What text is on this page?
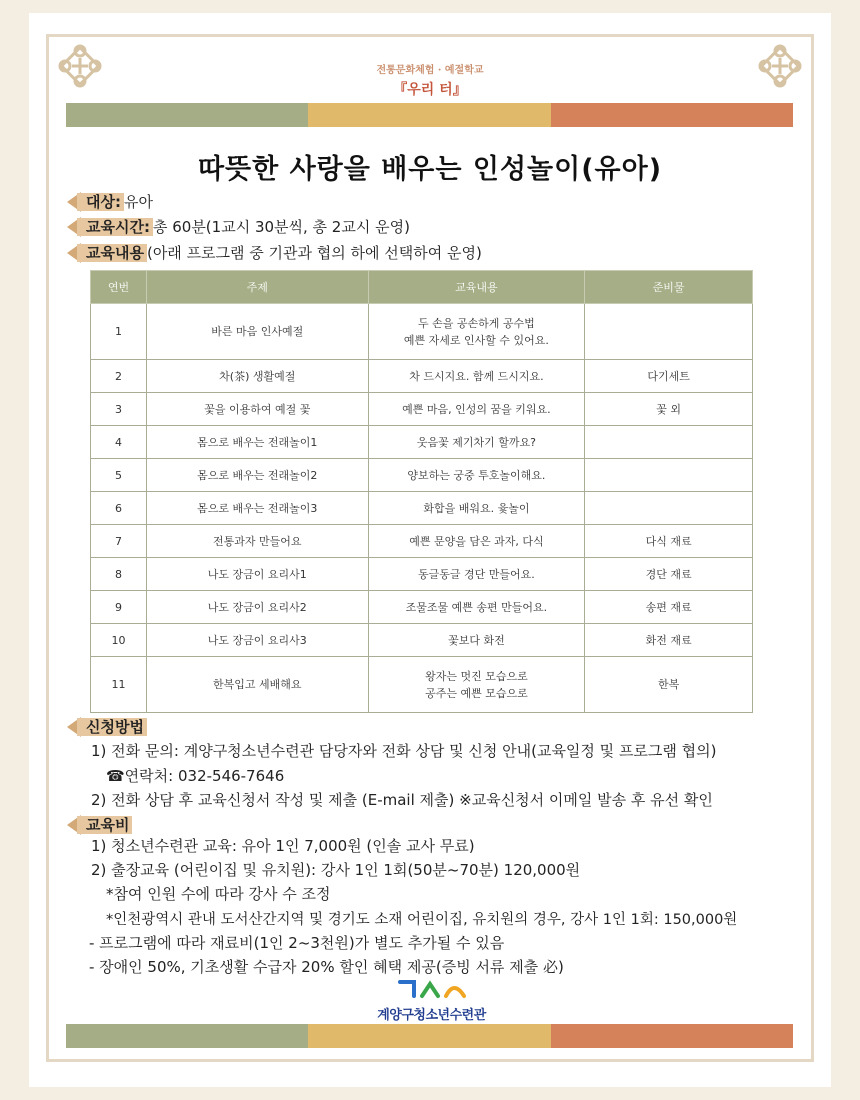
전통문화체험 · 예절학교
『우리 터』
따뜻한 사랑을 배우는 인성놀이(유아)
대상: 유아
교육시간: 총 60분(1교시 30분씩, 총 2교시 운영)
교육내용 (아래 프로그램 중 기관과 협의 하에 선택하여 운영)
연번	주제	교육내용	준비물
1	바른 마음 인사예절	두 손을 공손하게 공수법
예쁜 자세로 인사할 수 있어요.	

2	차(茶) 생활예절	차 드시지요. 함께 드시지요.	다기세트
3	꽃을 이용하여 예절 꽃	예쁜 마음, 인성의 꿈을 키워요.	꽃 외
4	몸으로 배우는 전래놀이1	웃음꽃 제기차기 할까요?	

5	몸으로 배우는 전래놀이2	양보하는 궁중 투호놀이해요.	

6	몸으로 배우는 전래놀이3	화합을 배워요. 윷놀이	

7	전통과자 만들어요	예쁜 문양을 담은 과자, 다식	다식 재료
8	나도 장금이 요리사1	동글동글 경단 만들어요.	경단 재료
9	나도 장금이 요리사2	조물조물 예쁜 송편 만들어요.	송편 재료
10	나도 장금이 요리사3	꽃보다 화전	화전 재료
11	한복입고 세배해요	왕자는 멋진 모습으로
공주는 예쁜 모습으로	한복
신청방법
1) 전화 문의: 계양구청소년수련관 담당자와 전화 상담 및 신청 안내(교육일정 및 프로그램 협의)
☎연락처: 032-546-7646
2) 전화 상담 후 교육신청서 작성 및 제출 (E-mail 제출) ※교육신청서 이메일 발송 후 유선 확인
교육비
1) 청소년수련관 교육: 유아 1인 7,000원 (인솔 교사 무료)
2) 출장교육 (어린이집 및 유치원): 강사 1인 1회(50분~70분) 120,000원
*참여 인원 수에 따라 강사 수 조정
*인천광역시 관내 도서산간지역 및 경기도 소재 어린이집, 유치원의 경우, 강사 1인 1회: 150,000원
- 프로그램에 따라 재료비(1인 2~3천원)가 별도 추가될 수 있음
- 장애인 50%, 기초생활 수급자 20% 할인 혜택 제공(증빙 서류 제출 必)
계양구청소년수련관
